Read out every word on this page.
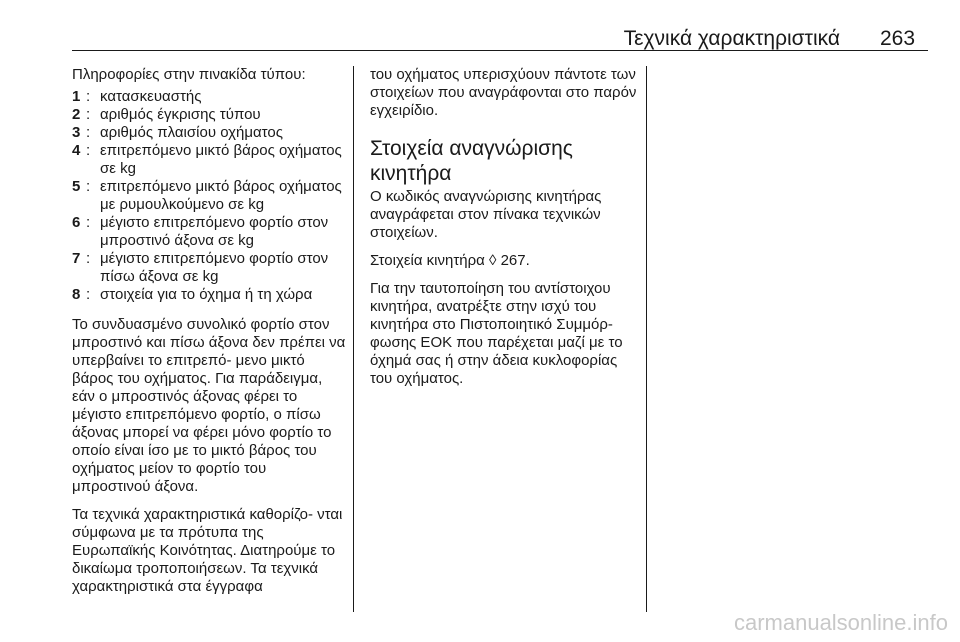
Τεχνικά χαρακτηριστικά 263

Πληροφορίες στην πινακίδα τύπου:

1 : κατασκευαστής
2 : αριθμός έγκρισης τύπου
3 : αριθμός πλαισίου οχήματος
4 : επιτρεπόμενο μικτό βάρος οχήματος σε kg
5 : επιτρεπόμενο μικτό βάρος οχήματος με ρυμουλκούμενο σε kg
6 : μέγιστο επιτρεπόμενο φορτίο στον μπροστινό άξονα σε kg
7 : μέγιστο επιτρεπόμενο φορτίο στον πίσω άξονα σε kg
8 : στοιχεία για το όχημα ή τη χώρα

Το συνδυασμένο συνολικό φορτίο στον μπροστινό και πίσω άξονα δεν πρέπει να υπερβαίνει το επιτρεπό- μενο μικτό βάρος του οχήματος. Για παράδειγμα, εάν ο μπροστινός άξονας φέρει το μέγιστο επιτρεπόμενο φορτίο, ο πίσω άξονας μπορεί να φέρει μόνο φορτίο το οποίο είναι ίσο με το μικτό βάρος του οχήματος μείον το φορτίο του μπροστινού άξονα.

Τα τεχνικά χαρακτηριστικά καθορίζο- νται σύμφωνα με τα πρότυπα της Ευρωπαϊκής Κοινότητας. Διατηρούμε το δικαίωμα τροποποιήσεων. Τα τεχνικά χαρακτηριστικά στα έγγραφα

του οχήματος υπερισχύουν πάντοτε των στοιχείων που αναγράφονται στο παρόν εγχειρίδιο.

Στοιχεία αναγνώρισης κινητήρα

Ο κωδικός αναγνώρισης κινητήρας αναγράφεται στον πίνακα τεχνικών στοιχείων.

Στοιχεία κινητήρα ◊ 267.

Για την ταυτοποίηση του αντίστοιχου κινητήρα, ανατρέξτε στην ισχύ του κινητήρα στο Πιστοποιητικό Συμμόρ- φωσης ΕΟΚ που παρέχεται μαζί με το όχημά σας ή στην άδεια κυκλοφορίας του οχήματος.

carmanualsonline.info
